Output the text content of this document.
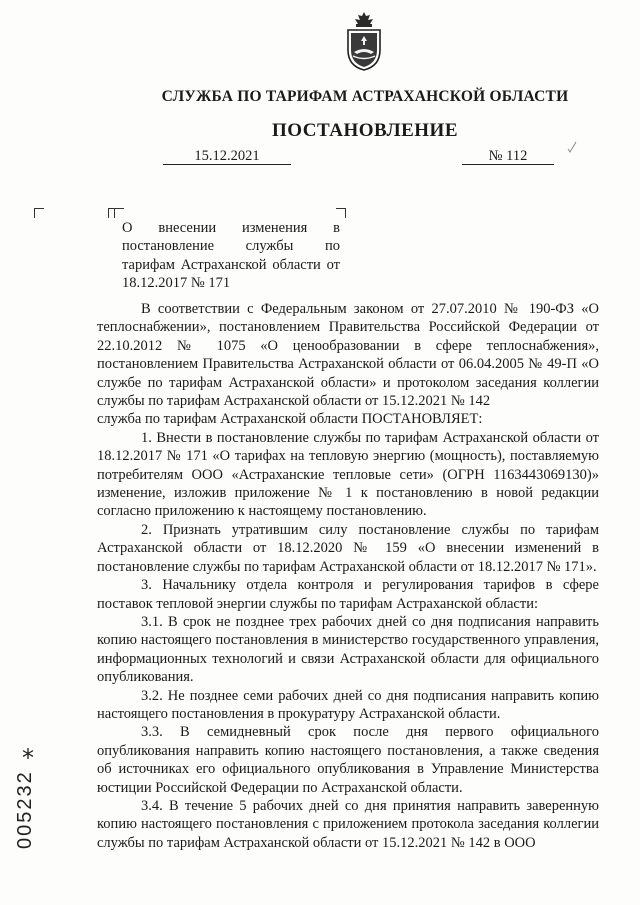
СЛУЖБА ПО ТАРИФАМ АСТРАХАНСКОЙ ОБЛАСТИ
ПОСТАНОВЛЕНИЕ
15.12.2021	№ 112
О внесении изменения в постановление службы по тарифам Астраханской области от 18.12.2017 № 171

В соответствии с Федеральным законом от 27.07.2010 № 190-ФЗ «О теплоснабжении», постановлением Правительства Российской Федерации от 22.10.2012 № 1075 «О ценообразовании в сфере теплоснабжения», постановлением Правительства Астраханской области от 06.04.2005 № 49-П «О службе по тарифам Астраханской области» и протоколом заседания коллегии службы по тарифам Астраханской области от 15.12.2021 № 142

служба по тарифам Астраханской области ПОСТАНОВЛЯЕТ:

1. Внести в постановление службы по тарифам Астраханской области от 18.12.2017 № 171 «О тарифах на тепловую энергию (мощность), поставляемую потребителям ООО «Астраханские тепловые сети» (ОГРН 1163443069130)» изменение, изложив приложение № 1 к постановлению в новой редакции согласно приложению к настоящему постановлению.

2. Признать утратившим силу постановление службы по тарифам Астраханской области от 18.12.2020 № 159 «О внесении изменений в постановление службы по тарифам Астраханской области от 18.12.2017 № 171».

3. Начальнику отдела контроля и регулирования тарифов в сфере поставок тепловой энергии службы по тарифам Астраханской области:

3.1. В срок не позднее трех рабочих дней со дня подписания направить копию настоящего постановления в министерство государственного управления, информационных технологий и связи Астраханской области для официального опубликования.

3.2. Не позднее семи рабочих дней со дня подписания направить копию настоящего постановления в прокуратуру Астраханской области.

3.3. В семидневный срок после дня первого официального опубликования направить копию настоящего постановления, а также сведения об источниках его официального опубликования в Управление Министерства юстиции Российской Федерации по Астраханской области.

3.4. В течение 5 рабочих дней со дня принятия направить заверенную копию настоящего постановления с приложением протокола заседания коллегии службы по тарифам Астраханской области от 15.12.2021 № 142 в ООО

*
005232
